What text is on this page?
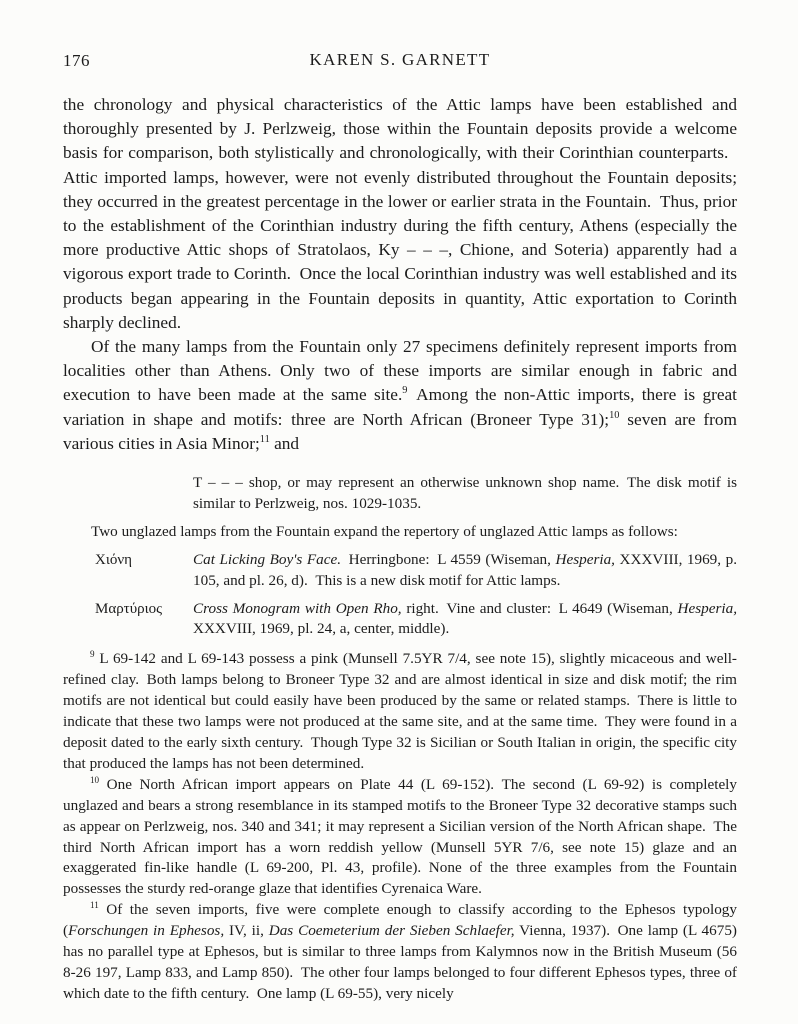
176	KAREN S. GARNETT

the chronology and physical characteristics of the Attic lamps have been established and thoroughly presented by J. Perlzweig, those within the Fountain deposits provide a welcome basis for comparison, both stylistically and chronologically, with their Corinthian counterparts. Attic imported lamps, however, were not evenly distributed throughout the Fountain deposits; they occurred in the greatest percentage in the lower or earlier strata in the Fountain. Thus, prior to the establishment of the Corinthian industry during the fifth century, Athens (especially the more productive Attic shops of Stratolaos, Ky – – –, Chione, and Soteria) apparently had a vigorous export trade to Corinth. Once the local Corinthian industry was well established and its products began appearing in the Fountain deposits in quantity, Attic exportation to Corinth sharply declined.

Of the many lamps from the Fountain only 27 specimens definitely represent imports from localities other than Athens. Only two of these imports are similar enough in fabric and execution to have been made at the same site.$^9$ Among the non-Attic imports, there is great variation in shape and motifs: three are North African (Broneer Type 31);$^{10}$ seven are from various cities in Asia Minor;$^{11}$ and

T – – – shop, or may represent an otherwise unknown shop name. The disk motif is similar to Perlzweig, nos. 1029-1035.

Two unglazed lamps from the Fountain expand the repertory of unglazed Attic lamps as follows:

Χιόνη	Cat Licking Boy's Face. Herringbone: L 4559 (Wiseman, Hesperia, XXXVIII, 1969, p. 105, and pl. 26, d). This is a new disk motif for Attic lamps.
Μαρτύριος	Cross Monogram with Open Rho, right. Vine and cluster: L 4649 (Wiseman, Hesperia, XXXVIII, 1969, pl. 24, a, center, middle).

$^9$ L 69-142 and L 69-143 possess a pink (Munsell 7.5YR 7/4, see note 15), slightly micaceous and well-refined clay. Both lamps belong to Broneer Type 32 and are almost identical in size and disk motif; the rim motifs are not identical but could easily have been produced by the same or related stamps. There is little to indicate that these two lamps were not produced at the same site, and at the same time. They were found in a deposit dated to the early sixth century. Though Type 32 is Sicilian or South Italian in origin, the specific city that produced the lamps has not been determined.

$^{10}$ One North African import appears on Plate 44 (L 69-152). The second (L 69-92) is completely unglazed and bears a strong resemblance in its stamped motifs to the Broneer Type 32 decorative stamps such as appear on Perlzweig, nos. 340 and 341; it may represent a Sicilian version of the North African shape. The third North African import has a worn reddish yellow (Munsell 5YR 7/6, see note 15) glaze and an exaggerated fin-like handle (L 69-200, Pl. 43, profile). None of the three examples from the Fountain possesses the sturdy red-orange glaze that identifies Cyrenaica Ware.

$^{11}$ Of the seven imports, five were complete enough to classify according to the Ephesos typology (Forschungen in Ephesos, IV, ii, Das Coemeterium der Sieben Schlaefer, Vienna, 1937). One lamp (L 4675) has no parallel type at Ephesos, but is similar to three lamps from Kalymnos now in the British Museum (56 8-26 197, Lamp 833, and Lamp 850). The other four lamps belonged to four different Ephesos types, three of which date to the fifth century. One lamp (L 69-55), very nicely
